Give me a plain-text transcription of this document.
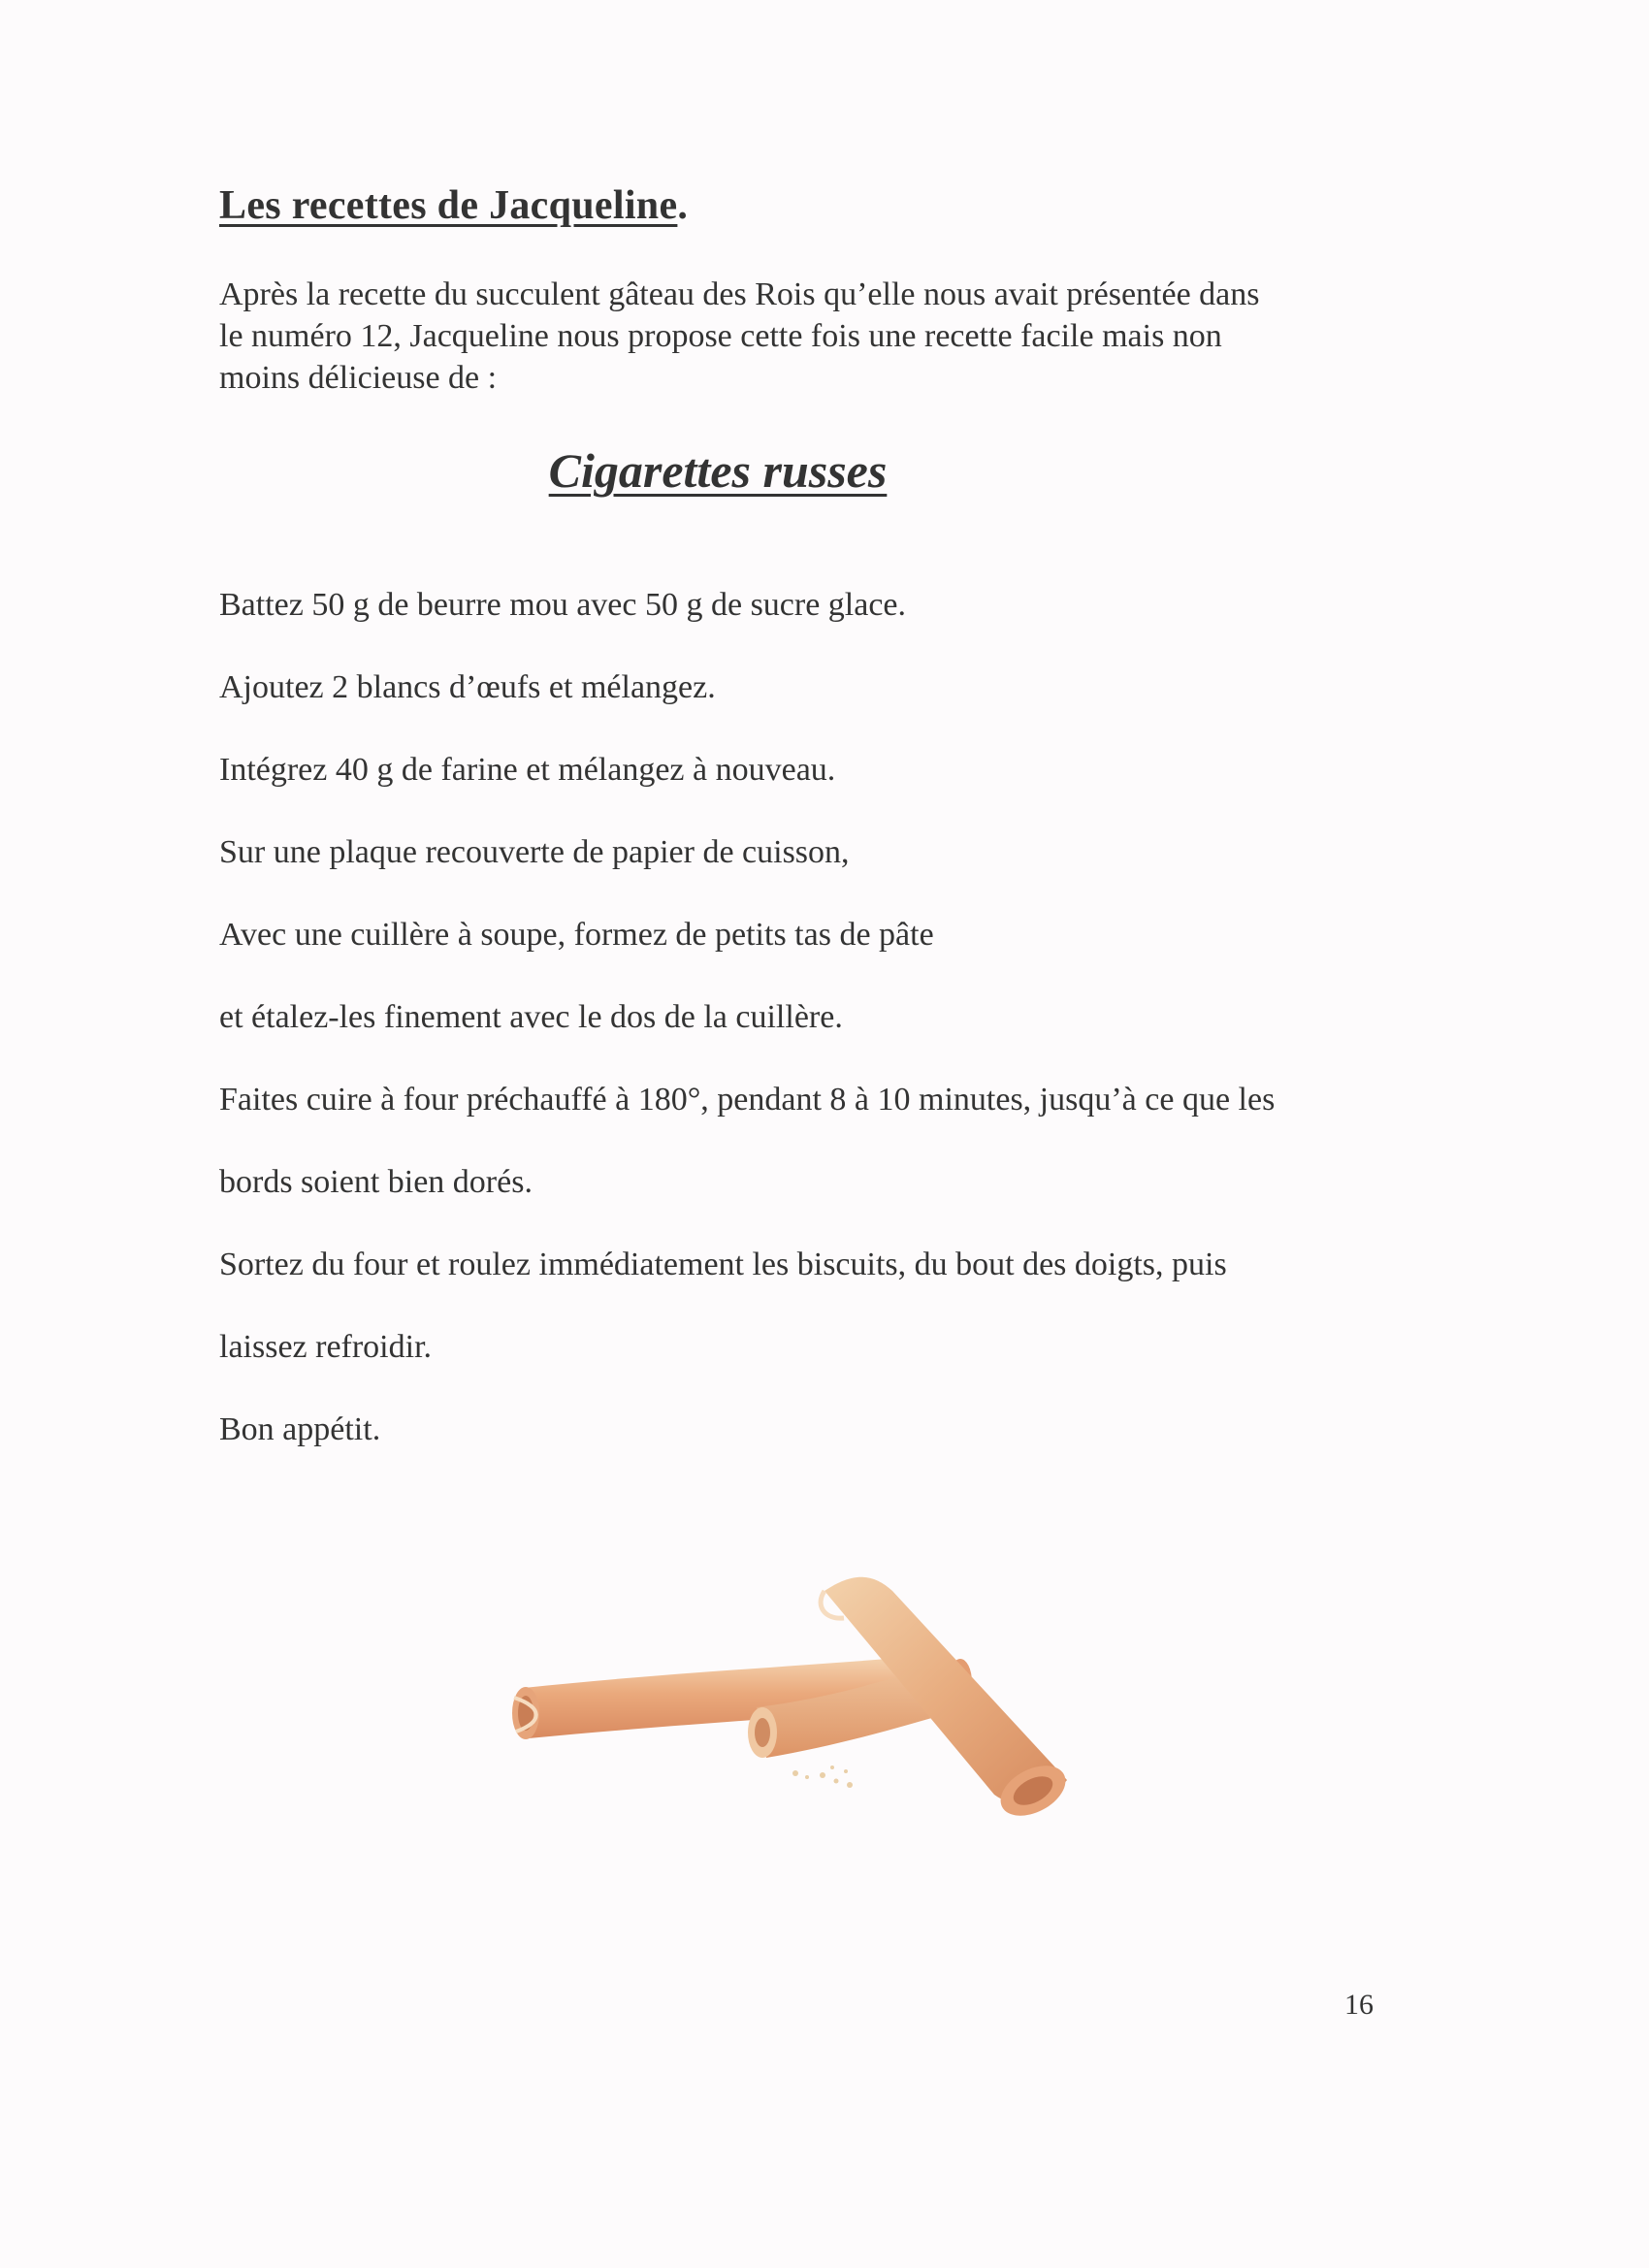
Les recettes de Jacqueline.

Après la recette du succulent gâteau des Rois qu’elle nous avait présentée dans

le numéro 12, Jacqueline nous propose cette fois une recette facile mais non

moins délicieuse de :

Cigarettes russes
Battez 50 g de beurre mou avec 50 g de sucre glace.
Ajoutez 2 blancs d’œufs et mélangez.
Intégrez 40 g de farine et mélangez à nouveau.
Sur une plaque recouverte de papier de cuisson,
Avec une cuillère à soupe, formez de petits tas de pâte
et étalez-les finement avec le dos de la cuillère.
Faites cuire à four préchauffé à 180°, pendant 8 à 10 minutes, jusqu’à ce que les
bords soient bien dorés.
Sortez du four et roulez immédiatement les biscuits, du bout des doigts, puis
laissez refroidir.
Bon appétit.
16
